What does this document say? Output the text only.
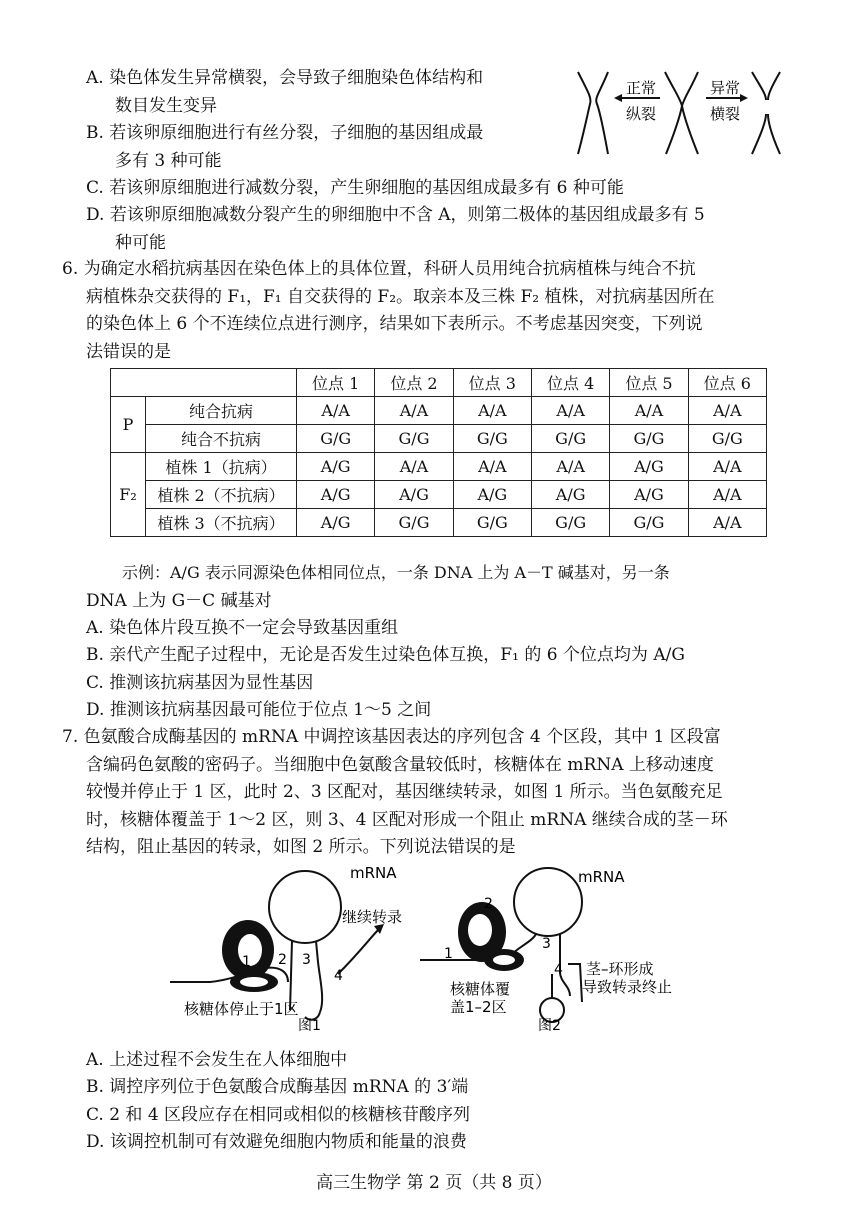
A. 染色体发生异常横裂，会导致子细胞染色体结构和
数目发生变异
B. 若该卵原细胞进行有丝分裂，子细胞的基因组成最
多有 3 种可能
C. 若该卵原细胞进行减数分裂，产生卵细胞的基因组成最多有 6 种可能
D. 若该卵原细胞减数分裂产生的卵细胞中不含 A，则第二极体的基因组成最多有 5
种可能
正常
纵裂
异常
横裂
6. 为确定水稻抗病基因在染色体上的具体位置，科研人员用纯合抗病植株与纯合不抗
病植株杂交获得的 F₁，F₁ 自交获得的 F₂。取亲本及三株 F₂ 植株，对抗病基因所在
的染色体上 6 个不连续位点进行测序，结果如下表所示。不考虑基因突变，下列说
法错误的是
		位点 1	位点 2	位点 3	位点 4	位点 5	位点 6
P	纯合抗病	A/A	A/A	A/A	A/A	A/A	A/A
	纯合不抗病	G/G	G/G	G/G	G/G	G/G	G/G
F₂	植株 1（抗病）	A/G	A/A	A/A	A/A	A/G	A/A
	植株 2（不抗病）	A/G	A/G	A/G	A/G	A/G	A/A
	植株 3（不抗病）	A/G	G/G	G/G	G/G	G/G	A/A
示例：A/G 表示同源染色体相同位点，一条 DNA 上为 A－T 碱基对，另一条
DNA 上为 G－C 碱基对
A. 染色体片段互换不一定会导致基因重组
B. 亲代产生配子过程中，无论是否发生过染色体互换，F₁ 的 6 个位点均为 A/G
C. 推测该抗病基因为显性基因
D. 推测该抗病基因最可能位于位点 1～5 之间
7. 色氨酸合成酶基因的 mRNA 中调控该基因表达的序列包含 4 个区段，其中 1 区段富
含编码色氨酸的密码子。当细胞中色氨酸含量较低时，核糖体在 mRNA 上移动速度
较慢并停止于 1 区，此时 2、3 区配对，基因继续转录，如图 1 所示。当色氨酸充足
时，核糖体覆盖于 1～2 区，则 3、4 区配对形成一个阻止 mRNA 继续合成的茎－环
结构，阻止基因的转录，如图 2 所示。下列说法错误的是
mRNA
继续转录
1 2 3
4
核糖体停止于1区
图1
mRNA
2
1
3
4 茎–环形成
导致转录终止
核糖体覆
盖1–2区
图2
A. 上述过程不会发生在人体细胞中
B. 调控序列位于色氨酸合成酶基因 mRNA 的 3′端
C. 2 和 4 区段应存在相同或相似的核糖核苷酸序列
D. 该调控机制可有效避免细胞内物质和能量的浪费
高三生物学 第 2 页（共 8 页）
